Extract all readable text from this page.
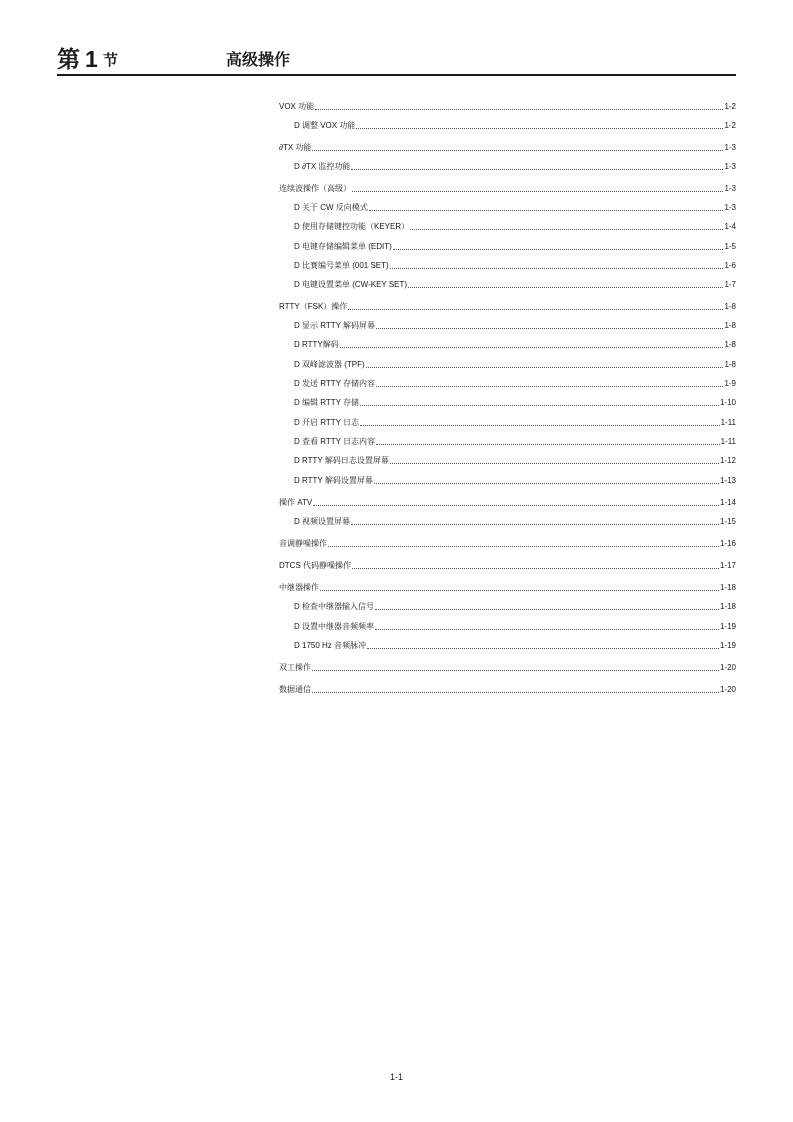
第 1 节	高级操作
VOX 功能	1-2
D 调整 VOX 功能	1-2
∂TX 功能	1-3
D ∂TX 监控功能	1-3
连续波操作（高级）	1-3
D 关于 CW 反向模式	1-3
D 使用存储键控功能（KEYER）	1-4
D 电键存储编辑菜单 (EDIT)	1-5
D 比赛编号菜单 (001 SET)	1-6
D 电键设置菜单 (CW-KEY SET)	1-7
RTTY（FSK）操作	1-8
D 显示 RTTY 解码屏幕	1-8
D RTTY解码	1-8
D 双峰滤波器 (TPF)	1-8
D 发送 RTTY 存储内容	1-9
D 编辑 RTTY 存储	1-10
D 开启 RTTY 日志	1-11
D 查看 RTTY 日志内容	1-11
D RTTY 解码日志设置屏幕	1-12
D RTTY 解码设置屏幕	1-13
操作 ATV	1-14
D 视频设置屏幕	1-15
音调静噪操作	1-16
DTCS 代码静噪操作	1-17
中继器操作	1-18
D 检查中继器输入信号	1-18
D 设置中继器音频频率	1-19
D 1750 Hz 音频脉冲	1-19
双工操作	1-20
数据通信	1-20
1-1
